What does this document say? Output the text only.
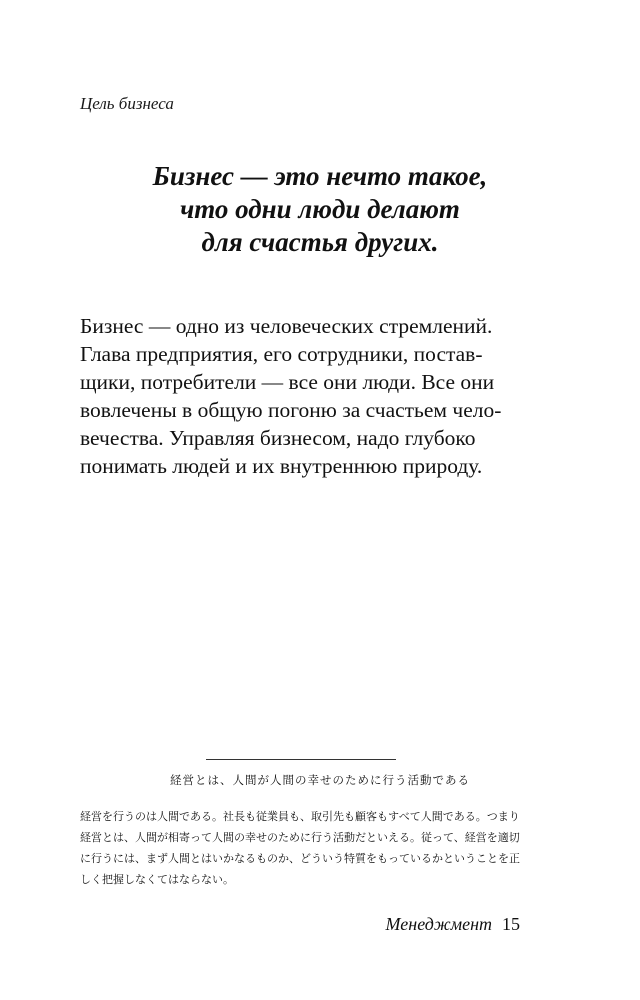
Цель бизнеса
Бизнес — это нечто такое,
что одни люди делают
для счастья других.
Бизнес — одно из человеческих стремлений.
Глава предприятия, его сотрудники, постав-
щики, потребители — все они люди. Все они
вовлечены в общую погоню за счастьем чело-
вечества. Управляя бизнесом, надо глубоко
понимать людей и их внутреннюю природу.
経営とは、人間が人間の幸せのために行う活動である
経営を行うのは人間である。社長も従業員も、取引先も顧客もすべて人間である。つまり
経営とは、人間が相寄って人間の幸せのために行う活動だといえる。従って、経営を適切
に行うには、まず人間とはいかなるものか、どういう特質をもっているかということを正
しく把握しなくてはならない。
Менеджмент 15
